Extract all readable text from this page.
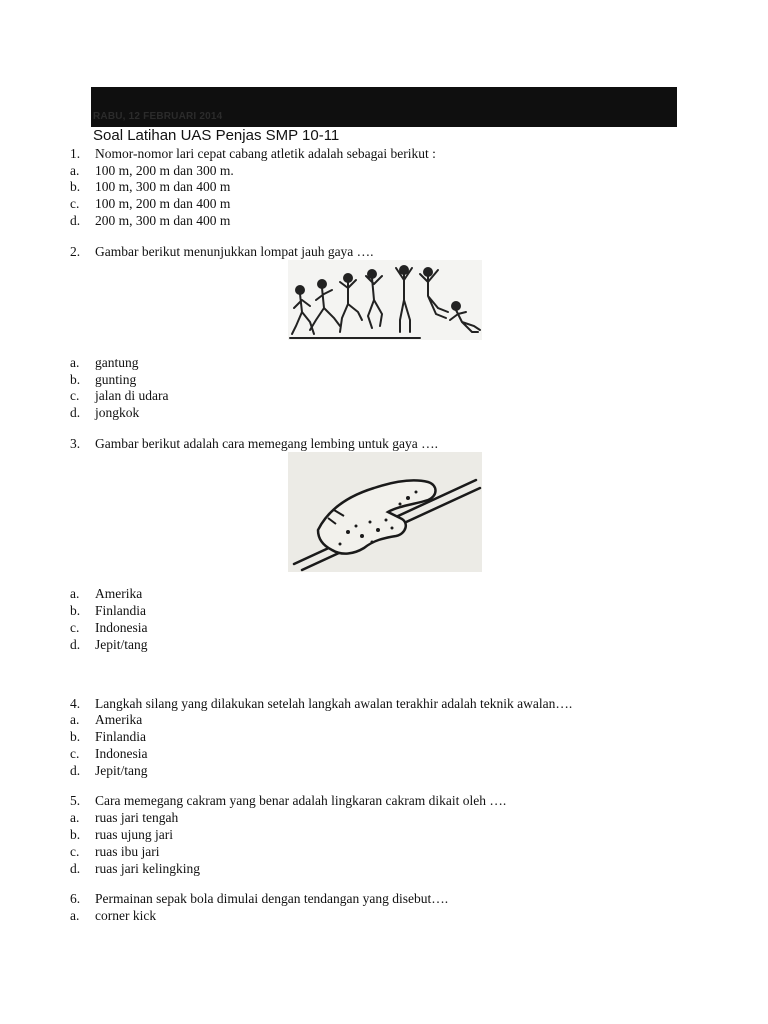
RABU, 12 FEBRUARI 2014
Soal Latihan UAS Penjas SMP 10-11
1. Nomor-nomor lari cepat cabang atletik adalah sebagai berikut :
a. 100 m, 200 m dan 300 m.
b. 100 m, 300 m dan 400 m
c. 100 m, 200 m dan 400 m
d. 200 m, 300 m dan 400 m
2. Gambar berikut menunjukkan lompat jauh gaya ….
a. gantung
b. gunting
c. jalan di udara
d. jongkok
3. Gambar berikut adalah cara memegang lembing untuk gaya ….
a. Amerika
b. Finlandia
c. Indonesia
d. Jepit/tang
4. Langkah silang yang dilakukan setelah langkah awalan terakhir adalah teknik awalan….
a. Amerika
b. Finlandia
c. Indonesia
d. Jepit/tang
5. Cara memegang cakram yang benar adalah lingkaran cakram dikait oleh ….
a. ruas jari tengah
b. ruas ujung jari
c. ruas ibu jari
d. ruas jari kelingking
6. Permainan sepak bola dimulai dengan tendangan yang disebut….
a. corner kick
